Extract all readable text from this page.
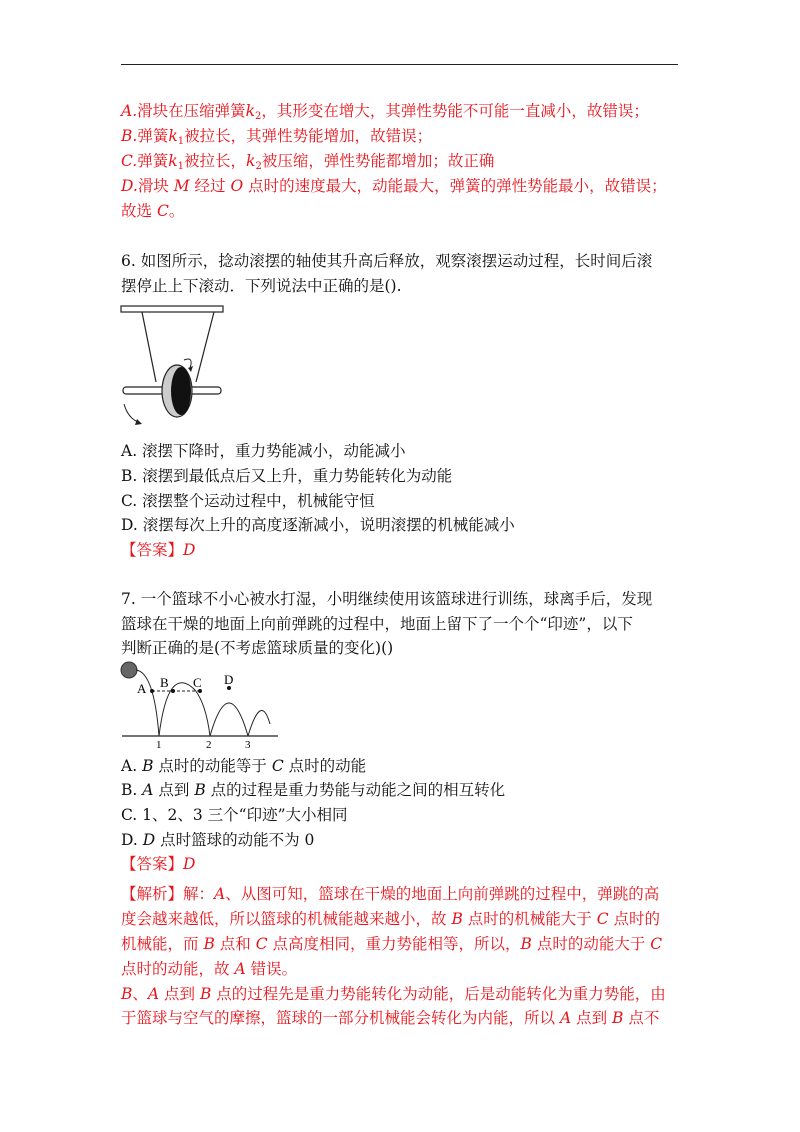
A.滑块在压缩弹簧$k_2$，其形变在增大，其弹性势能不可能一直减小，故错误；
B.弹簧$k_1$被拉长，其弹性势能增加，故错误；
C.弹簧$k_1$被拉长，$k_2$被压缩，弹性势能都增加；故正确
D.滑块 M 经过 O 点时的速度最大，动能最大，弹簧的弹性势能最小，故错误；
故选 C。
6. 如图所示，捻动滚摆的轴使其升高后释放，观察滚摆运动过程，长时间后滚
摆停止上下滚动．下列说法中正确的是().
A. 滚摆下降时，重力势能减小，动能减小
B. 滚摆到最低点后又上升，重力势能转化为动能
C. 滚摆整个运动过程中，机械能守恒
D. 滚摆每次上升的高度逐渐减小，说明滚摆的机械能减小
【答案】D
7. 一个篮球不小心被水打湿，小明继续使用该篮球进行训练，球离手后，发现
篮球在干燥的地面上向前弹跳的过程中，地面上留下了一个个“印迹”，以下
判断正确的是(不考虑篮球质量的变化)()
A B C D
1	2	3
A. B 点时的动能等于 C 点时的动能
B. A 点到 B 点的过程是重力势能与动能之间的相互转化
C. 1、2、3 三个“印迹”大小相同
D. D 点时篮球的动能不为 0
【答案】D
【解析】解：A、从图可知，篮球在干燥的地面上向前弹跳的过程中，弹跳的高
度会越来越低，所以篮球的机械能越来越小，故 B 点时的机械能大于 C 点时的
机械能，而 B 点和 C 点高度相同，重力势能相等，所以，B 点时的动能大于 C
点时的动能，故 A 错误。
B、A 点到 B 点的过程先是重力势能转化为动能，后是动能转化为重力势能，由
于篮球与空气的摩擦，篮球的一部分机械能会转化为内能，所以 A 点到 B 点不
